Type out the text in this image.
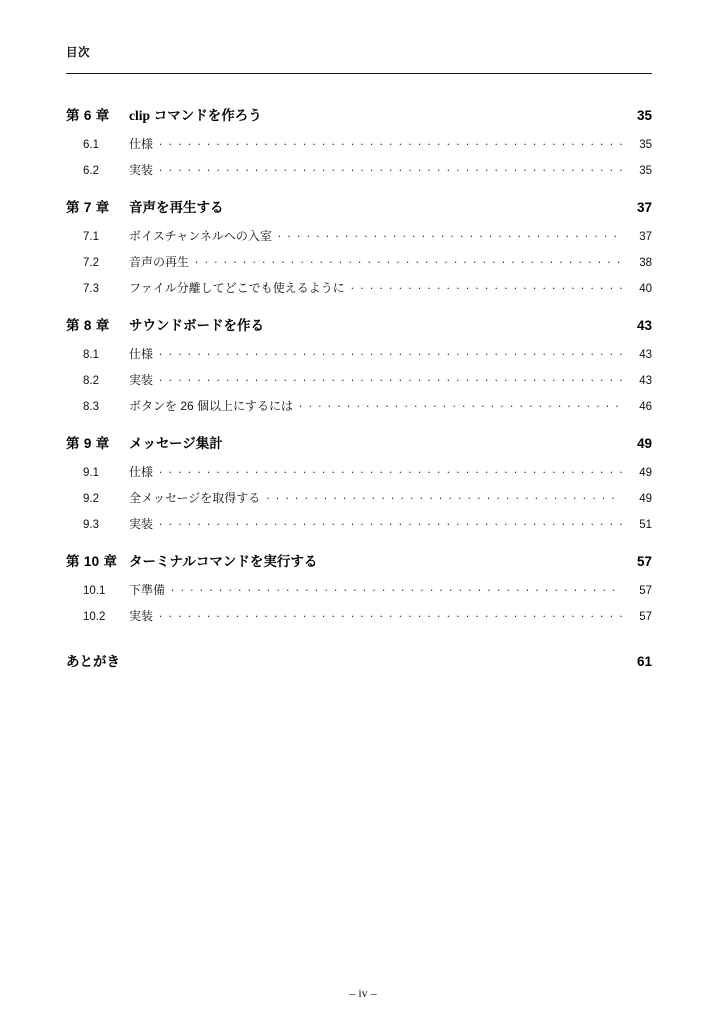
目次
第 6 章	clip コマンドを作ろう	35
6.1	仕様 . . .	35
6.2	実装 . . .	35
第 7 章	音声を再生する	37
7.1	ボイスチャンネルへの入室 . . .	37
7.2	音声の再生 . . .	38
7.3	ファイル分離してどこでも使えるように . . .	40
第 8 章	サウンドボードを作る	43
8.1	仕様 . . .	43
8.2	実装 . . .	43
8.3	ボタンを 26 個以上にするには . . .	46
第 9 章	メッセージ集計	49
9.1	仕様 . . .	49
9.2	全メッセージを取得する . . .	49
9.3	実装 . . .	51
第 10 章 ターミナルコマンドを実行する	57
10.1	下準備 . . .	57
10.2	実装 . . .	57
あとがき	61
– iv –
